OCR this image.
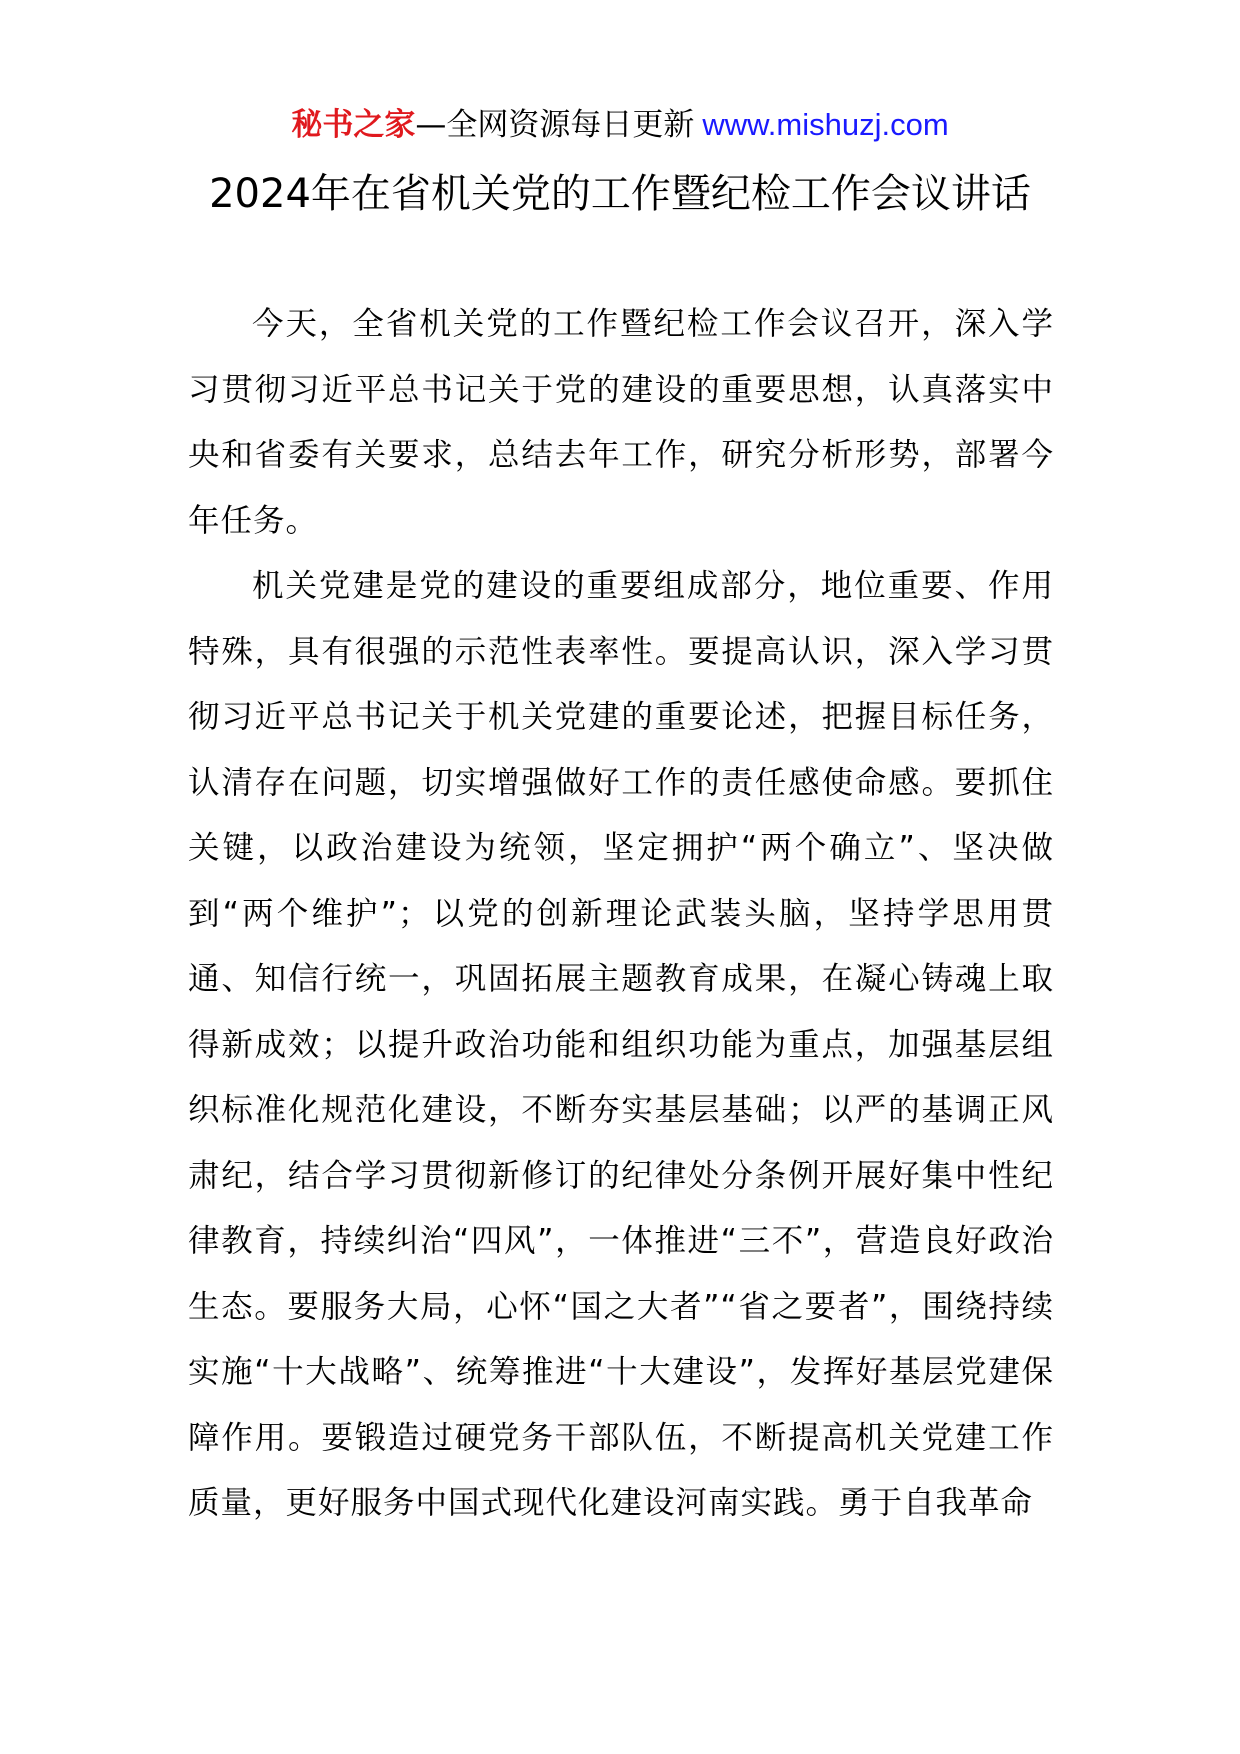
秘书之家—全网资源每日更新 www.mishuzj.com
2024年在省机关党的工作暨纪检工作会议讲话

今天，全省机关党的工作暨纪检工作会议召开，深入学习贯彻习近平总书记关于党的建设的重要思想，认真落实中央和省委有关要求，总结去年工作，研究分析形势，部署今年任务。

机关党建是党的建设的重要组成部分，地位重要、作用特殊，具有很强的示范性表率性。要提高认识，深入学习贯彻习近平总书记关于机关党建的重要论述，把握目标任务，认清存在问题，切实增强做好工作的责任感使命感。要抓住关键，以政治建设为统领，坚定拥护“两个确立”、坚决做到“两个维护”；以党的创新理论武装头脑，坚持学思用贯通、知信行统一，巩固拓展主题教育成果，在凝心铸魂上取得新成效；以提升政治功能和组织功能为重点，加强基层组织标准化规范化建设，不断夯实基层基础；以严的基调正风肃纪，结合学习贯彻新修订的纪律处分条例开展好集中性纪律教育，持续纠治“四风”，一体推进“三不”，营造良好政治生态。要服务大局，心怀“国之大者”“省之要者”，围绕持续实施“十大战略”、统筹推进“十大建设”，发挥好基层党建保障作用。要锻造过硬党务干部队伍，不断提高机关党建工作质量，更好服务中国式现代化建设河南实践。勇于自我革命
